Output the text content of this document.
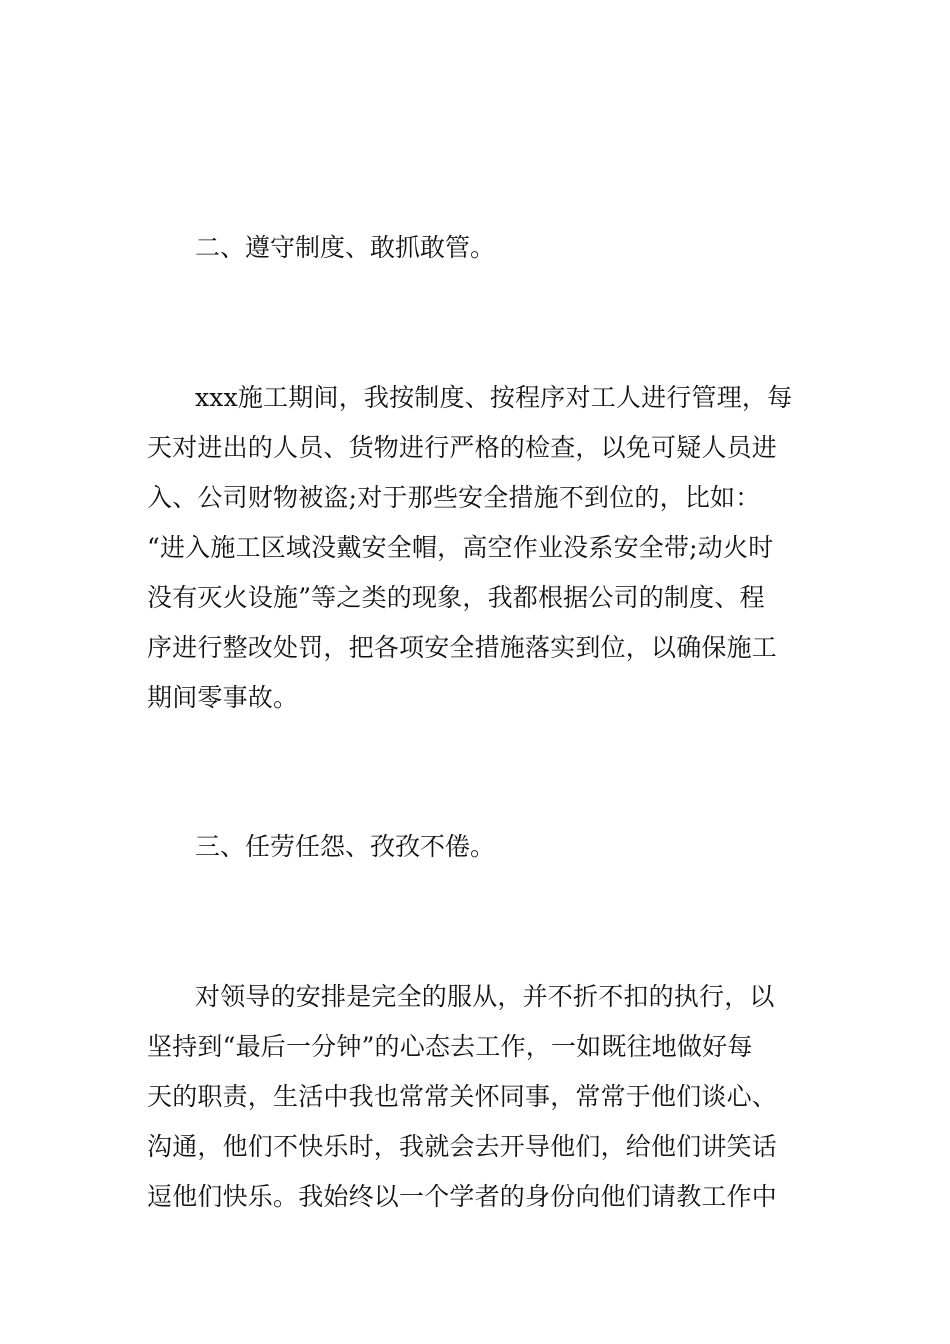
二、遵守制度、敢抓敢管。
xxx施工期间，我按制度、按程序对工人进行管理，每
天对进出的人员、货物进行严格的检查，以免可疑人员进
入、公司财物被盗;对于那些安全措施不到位的，比如：
“进入施工区域没戴安全帽，高空作业没系安全带;动火时
没有灭火设施”等之类的现象，我都根据公司的制度、程
序进行整改处罚，把各项安全措施落实到位，以确保施工
期间零事故。
三、任劳任怨、孜孜不倦。
对领导的安排是完全的服从，并不折不扣的执行，以
坚持到“最后一分钟”的心态去工作，一如既往地做好每
天的职责，生活中我也常常关怀同事，常常于他们谈心、
沟通，他们不快乐时，我就会去开导他们，给他们讲笑话
逗他们快乐。我始终以一个学者的身份向他们请教工作中
